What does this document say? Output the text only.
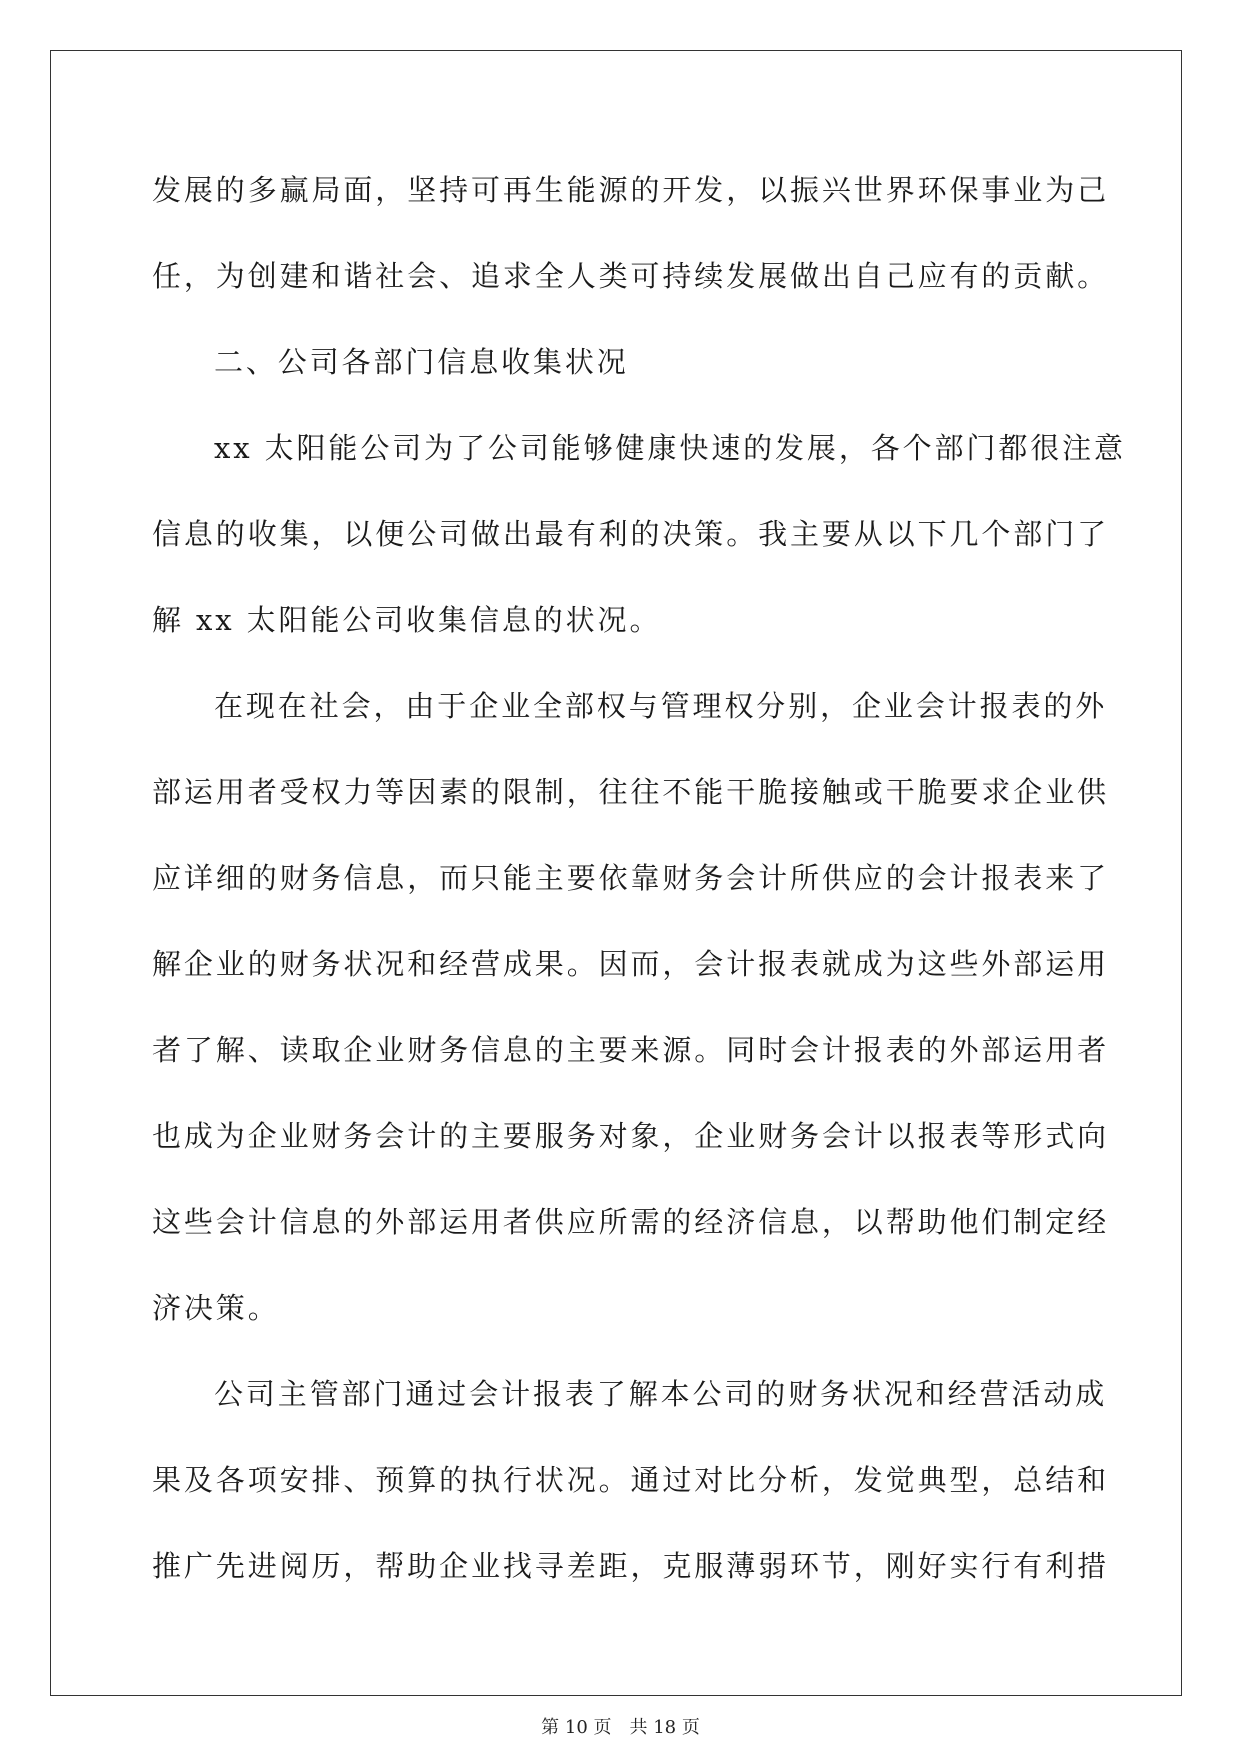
发展的多赢局面，坚持可再生能源的开发，以振兴世界环保事业为己
任，为创建和谐社会、追求全人类可持续发展做出自己应有的贡献。
二、公司各部门信息收集状况
xx 太阳能公司为了公司能够健康快速的发展，各个部门都很注意
信息的收集，以便公司做出最有利的决策。我主要从以下几个部门了
解 xx 太阳能公司收集信息的状况。
在现在社会，由于企业全部权与管理权分别，企业会计报表的外
部运用者受权力等因素的限制，往往不能干脆接触或干脆要求企业供
应详细的财务信息，而只能主要依靠财务会计所供应的会计报表来了
解企业的财务状况和经营成果。因而，会计报表就成为这些外部运用
者了解、读取企业财务信息的主要来源。同时会计报表的外部运用者
也成为企业财务会计的主要服务对象，企业财务会计以报表等形式向
这些会计信息的外部运用者供应所需的经济信息，以帮助他们制定经
济决策。
公司主管部门通过会计报表了解本公司的财务状况和经营活动成
果及各项安排、预算的执行状况。通过对比分析，发觉典型，总结和
推广先进阅历，帮助企业找寻差距，克服薄弱环节，刚好实行有利措
第 10 页 共 18 页
